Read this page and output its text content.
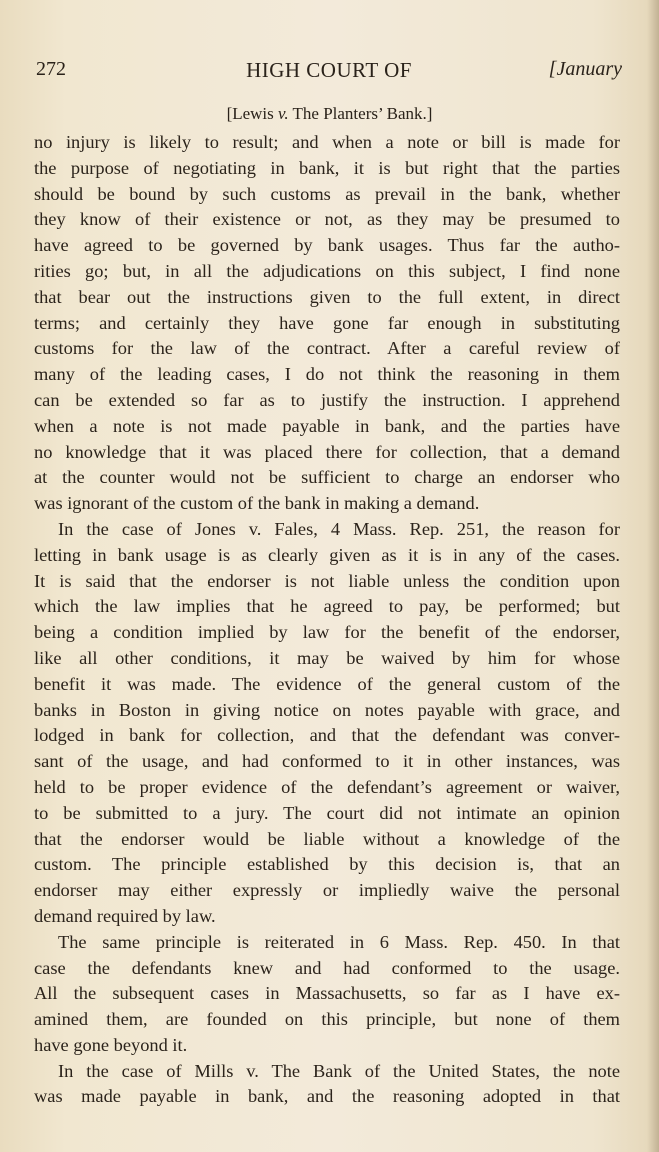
272	HIGH COURT OF	[January
[Lewis v. The Planters’ Bank.]
no injury is likely to result; and when a note or bill is made for
the purpose of negotiating in bank, it is but right that the parties
should be bound by such customs as prevail in the bank, whether
they know of their existence or not, as they may be presumed to
have agreed to be governed by bank usages. Thus far the autho-
rities go; but, in all the adjudications on this subject, I find none
that bear out the instructions given to the full extent, in direct
terms; and certainly they have gone far enough in substituting
customs for the law of the contract. After a careful review of
many of the leading cases, I do not think the reasoning in them
can be extended so far as to justify the instruction. I apprehend
when a note is not made payable in bank, and the parties have
no knowledge that it was placed there for collection, that a demand
at the counter would not be sufficient to charge an endorser who
was ignorant of the custom of the bank in making a demand.
In the case of Jones v. Fales, 4 Mass. Rep. 251, the reason for
letting in bank usage is as clearly given as it is in any of the cases.
It is said that the endorser is not liable unless the condition upon
which the law implies that he agreed to pay, be performed; but
being a condition implied by law for the benefit of the endorser,
like all other conditions, it may be waived by him for whose
benefit it was made. The evidence of the general custom of the
banks in Boston in giving notice on notes payable with grace, and
lodged in bank for collection, and that the defendant was conver-
sant of the usage, and had conformed to it in other instances, was
held to be proper evidence of the defendant’s agreement or waiver,
to be submitted to a jury. The court did not intimate an opinion
that the endorser would be liable without a knowledge of the
custom. The principle established by this decision is, that an
endorser may either expressly or impliedly waive the personal
demand required by law.
The same principle is reiterated in 6 Mass. Rep. 450. In that
case the defendants knew and had conformed to the usage.
All the subsequent cases in Massachusetts, so far as I have ex-
amined them, are founded on this principle, but none of them
have gone beyond it.
In the case of Mills v. The Bank of the United States, the note
was made payable in bank, and the reasoning adopted in that
